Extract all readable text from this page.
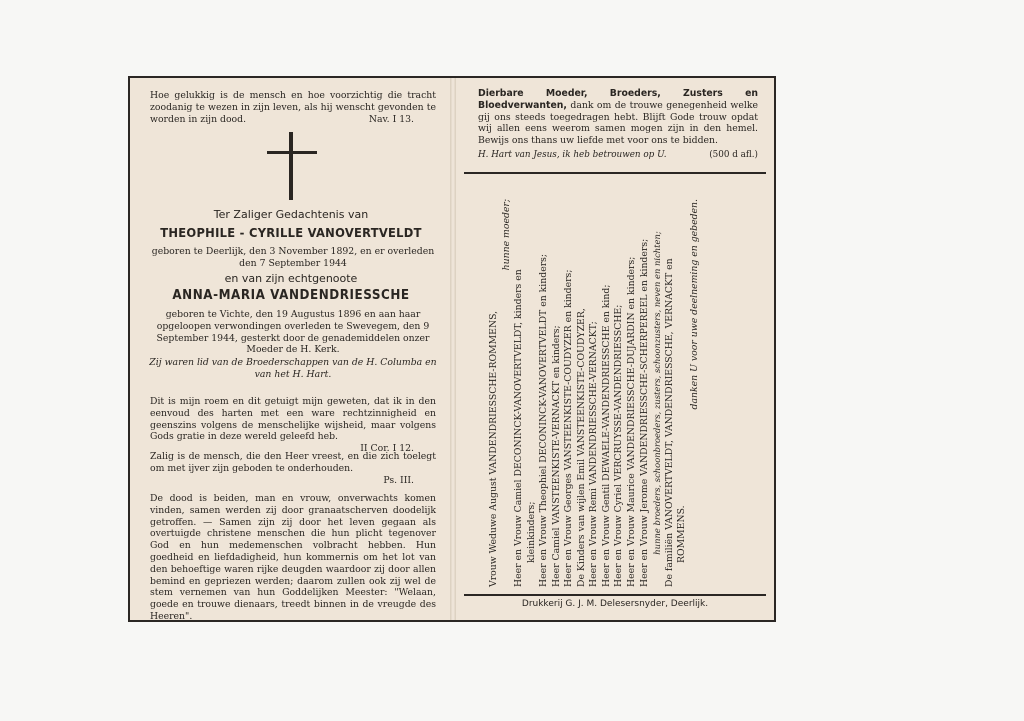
Hoe gelukkig is de mensch en hoe voorzichtig die tracht zoodanig te wezen in zijn leven, als hij wenscht gevonden te worden in zijn dood.	Nav. I 13.
Ter Zaliger Gedachtenis van
THEOPHILE - CYRILLE VANOVERTVELDT
geboren te Deerlijk, den 3 November 1892, en er overleden den 7 September 1944
en van zijn echtgenoote
ANNA-MARIA VANDENDRIESSCHE
geboren te Vichte, den 19 Augustus 1896 en aan haar opgeloopen verwondingen overleden te Swevegem, den 9 September 1944, gesterkt door de genademiddelen onzer Moeder de H. Kerk.
Zij waren lid van de Broederschappen van de H. Columba en van het H. Hart.
Dit is mijn roem en dit getuigt mijn geweten, dat ik in den eenvoud des harten met een ware rechtzinnigheid en geenszins volgens de menschelijke wijsheid, maar volgens Gods gratie in deze wereld geleefd heb.
II Cor. I 12.
Zalig is de mensch, die den Heer vreest, en die zich toelegt om met ijver zijn geboden te onderhouden.
Ps. III.
De dood is beiden, man en vrouw, onverwachts komen vinden, samen werden zij door granaatscherven doodelijk getroffen. — Samen zijn zij door het leven gegaan als overtuigde christene menschen die hun plicht tegenover God en hun medemenschen volbracht hebben. Hun goedheid en liefdadigheid, hun kommernis om het lot van den behoeftige waren rijke deugden waardoor zij door allen bemind en gepriezen werden; daarom zullen ook zij wel de stem vernemen van hun Goddelijken Meester: "Welaan, goede en trouwe dienaars, treedt binnen in de vreugde des Heeren".
Dierbare Moeder, Broeders, Zusters en Bloedverwanten, dank om de trouwe genegenheid welke gij ons steeds toegedragen hebt. Blijft Gode trouw opdat wij allen eens weerom samen mogen zijn in den hemel. Bewijs ons thans uw liefde met voor ons te bidden.
(500 d afl.)
H. Hart van Jesus, ik heb betrouwen op U.
Vrouw Weduwe August VANDENDRIESSCHE-ROMMENS,
hunne moeder;
Heer en Vrouw Camiel DECONINCK-VANOVERTVELDT, kinders en kleinkinders; Heer en Vrouw Theophiel DECONINCK-VANOVERTVELDT en kinders; Heer Camiel VANSTEENKISTE-VERNACKT en kinders; Heer en Vrouw Georges VANSTEENKISTE-COUDYZER en kinders; De Kinders van wijlen Emil VANSTEENKISTE-COUDYZER, Heer en Vrouw Remi VANDENDRIESSCHE-VERNACKT; Heer en Vrouw Gentil DEWAELE-VANDENDRIESSCHE en kind; Heer en Vrouw Cyriel VERCRUYSSE-VANDENDRIESSCHE; Heer en Vrouw Maurice VANDENDRIESSCHE-DUJARDIN en kinders; Heer en Vrouw Jerome VANDENDRIESSCHE-SCHERPEREEL en kinders; hunne broeders, schoonbroeders, zusters, schoonzusters, neven en nichten; De familiën VANOVERTVELDT, VANDENDRIESSCHE, VERNACKT en ROMMENS.
danken U voor uwe deelneming en gebeden.
Drukkerij G. J. M. Delesersnyder, Deerlijk.
